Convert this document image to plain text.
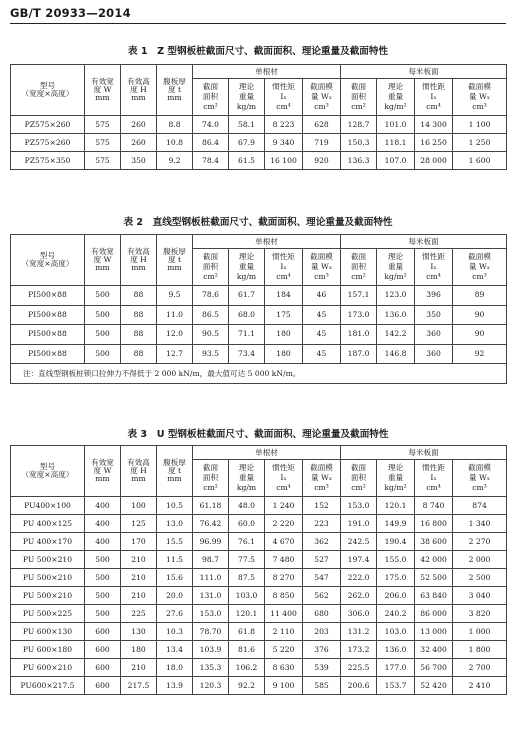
GB/T 20933—2014
表 1　Z 型钢板桩截面尺寸、截面面积、理论重量及截面特性
型号
（宽度×高度）	有效宽
度 W
mm	有效高
度 H
mm	腹板厚
度 t
mm	单根材				每米板面			
				截面
面积
cm²	理论
重量
kg/m	惯性矩
Iₓ
cm⁴	截面模
量 Wₓ
cm³	截面
面积
cm²	理论
重量
kg/m²	惯性距
Iₓ
cm⁴	截面模
量 Wₓ
cm³
PZ575×260	575	260	8.8	74.0	58.1	8 223	628	128.7	101.0	14 300	1 100
PZ575×260	575	260	10.8	86.4	67.9	9 340	719	150.3	118.1	16 250	1 250
PZ575×350	575	350	9.2	78.4	61.5	16 100	920	136.3	107.0	28 000	1 600
表 2　直线型钢板桩截面尺寸、截面面积、理论重量及截面特性
型号
（宽度×高度）	有效宽
度 W
mm	有效高
度 H
mm	腹板厚
度 t
mm	单根材				每米板面			
				截面
面积
cm²	理论
重量
kg/m	惯性矩
Iₓ
cm⁴	截面模
量 Wₓ
cm³	截面
面积
cm²	理论
重量
kg/m²	惯性距
Iₓ
cm⁴	截面模
量 Wₓ
cm³
PI500×88	500	88	9.5	78.6	61.7	184	46	157.1	123.0	396	89
PI500×88	500	88	11.0	86.5	68.0	175	45	173.0	136.0	350	90
PI500×88	500	88	12.0	90.5	71.1	180	45	181.0	142.2	360	90
PI500×88	500	88	12.7	93.5	73.4	180	45	187.0	146.8	360	92
注：直线型钢板桩锁口拉伸力不得低于 2 000 kN/m，最大值可达 5 000 kN/m。											
表 3　U 型钢板桩截面尺寸、截面面积、理论重量及截面特性
型号
（宽度×高度）	有效宽
度 W
mm	有效高
度 H
mm	腹板厚
度 t
mm	单根材				每米板面			
				截面
面积
cm²	理论
重量
kg/m	惯性矩
Iₓ
cm⁴	截面模
量 Wₓ
cm³	截面
面积
cm²	理论
重量
kg/m²	惯性距
Iₓ
cm⁴	截面模
量 Wₓ
cm³
PU400×100	400	100	10.5	61.18	48.0	1 240	152	153.0	120.1	8 740	874
PU 400×125	400	125	13.0	76.42	60.0	2 220	223	191.0	149.9	16 800	1 340
PU 400×170	400	170	15.5	96.99	76.1	4 670	362	242.5	190.4	38 600	2 270
PU 500×210	500	210	11.5	98.7	77.5	7 480	527	197.4	155.0	42 000	2 000
PU 500×210	500	210	15.6	111.0	87.5	8 270	547	222.0	175.0	52 500	2 500
PU 500×210	500	210	20.0	131.0	103.0	8 850	562	262.0	206.0	63 840	3 040
PU 500×225	500	225	27.6	153.0	120.1	11 400	680	306.0	240.2	86 000	3 820
PU 600×130	600	130	10.3	78.70	61.8	2 110	203	131.2	103.0	13 000	1 000
PU 600×180	600	180	13.4	103.9	81.6	5 220	376	173.2	136.0	32 400	1 800
PU 600×210	600	210	18.0	135.3	106.2	8 630	539	225.5	177.0	56 700	2 700
PU600×217.5	600	217.5	13.9	120.3	92.2	9 100	585	200.6	153.7	52 420	2 410
